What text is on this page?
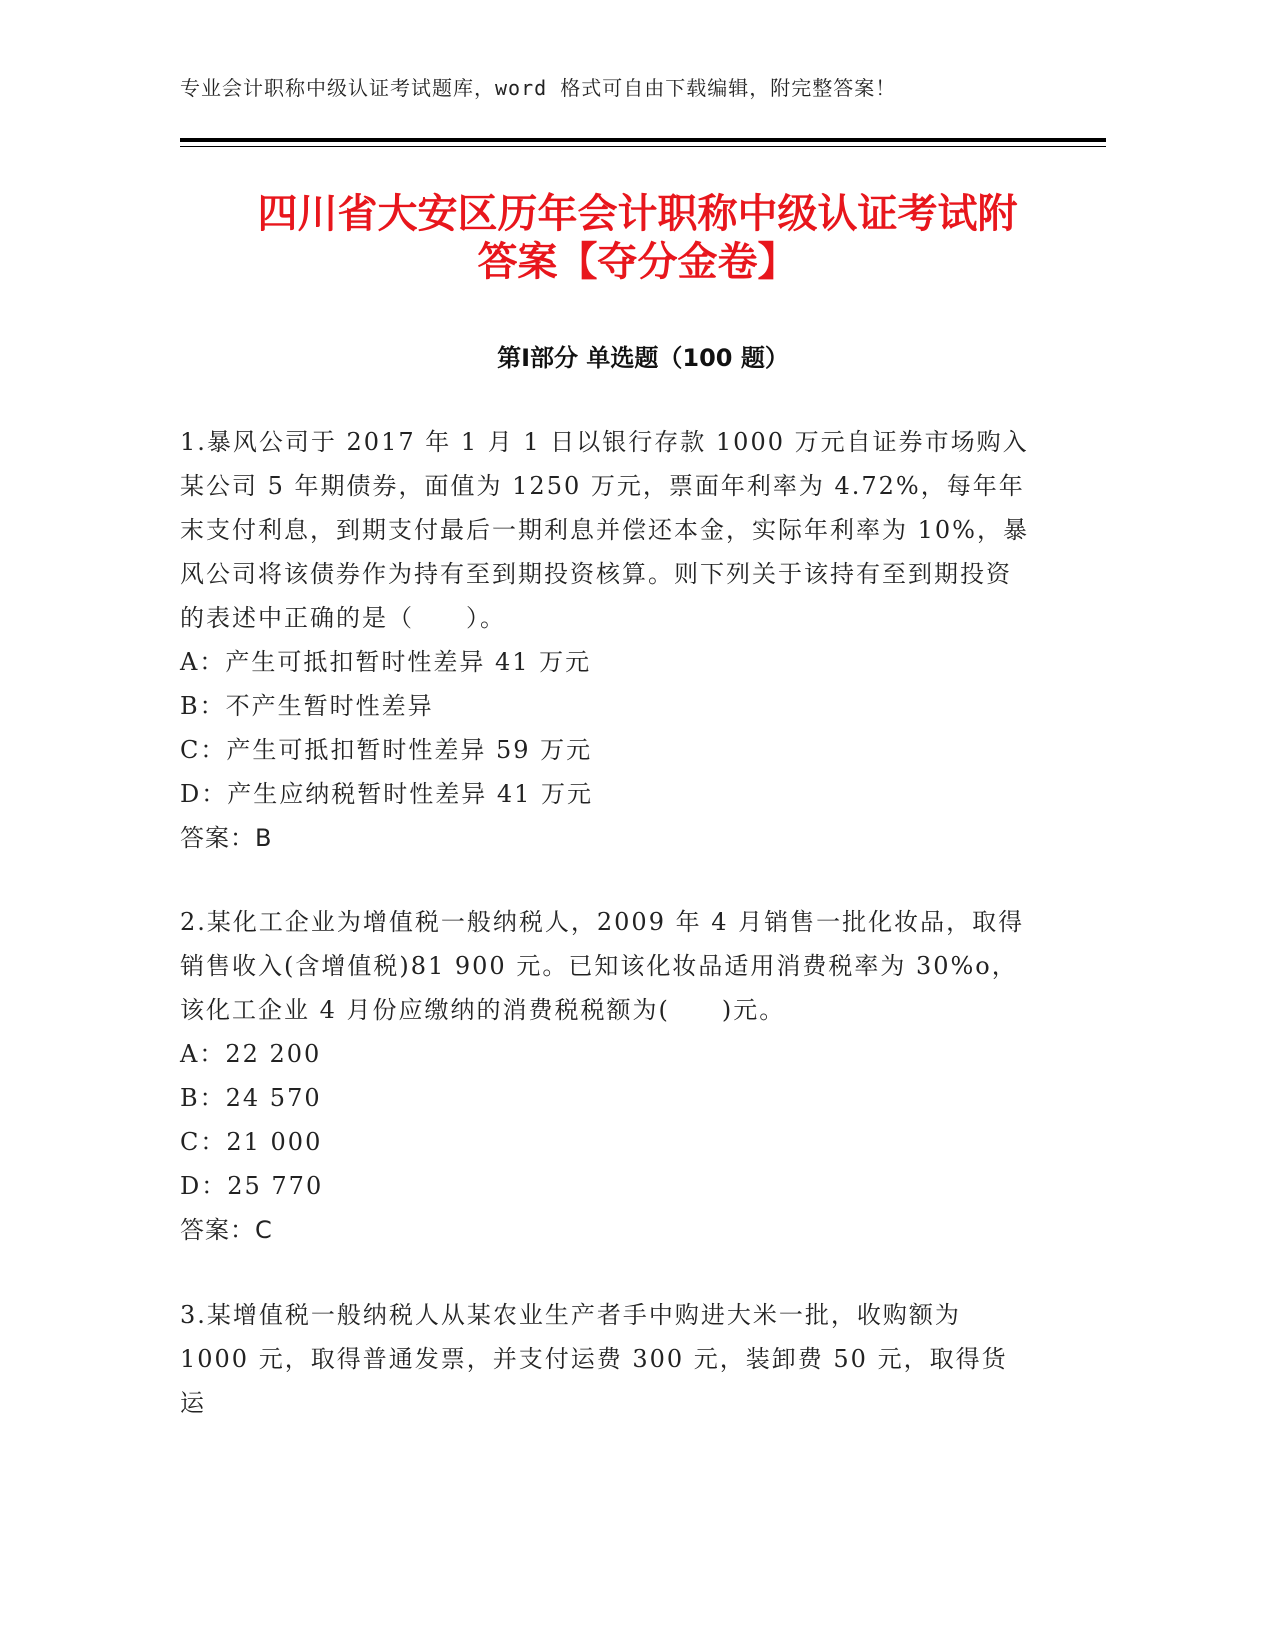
专业会计职称中级认证考试题库，word 格式可自由下载编辑，附完整答案！
四川省大安区历年会计职称中级认证考试附
答案【夺分金卷】
第Ⅰ部分 单选题（100 题）

1.暴风公司于 2017 年 1 月 1 日以银行存款 1000 万元自证券市场购入某公司 5 年期债券，面值为 1250 万元，票面年利率为 4.72%，每年年末支付利息，到期支付最后一期利息并偿还本金，实际年利率为 10%，暴风公司将该债券作为持有至到期投资核算。则下列关于该持有至到期投资的表述中正确的是（　　）。

A：产生可抵扣暂时性差异 41 万元

B：不产生暂时性差异

C：产生可抵扣暂时性差异 59 万元

D：产生应纳税暂时性差异 41 万元

答案：B

2.某化工企业为增值税一般纳税人，2009 年 4 月销售一批化妆品，取得销售收入(含增值税)81 900 元。已知该化妆品适用消费税率为 30%o，该化工企业 4 月份应缴纳的消费税税额为(　　)元。

A：22 200

B：24 570

C：21 000

D：25 770

答案：C

3.某增值税一般纳税人从某农业生产者手中购进大米一批，收购额为 1000 元，取得普通发票，并支付运费 300 元，装卸费 50 元，取得货运
